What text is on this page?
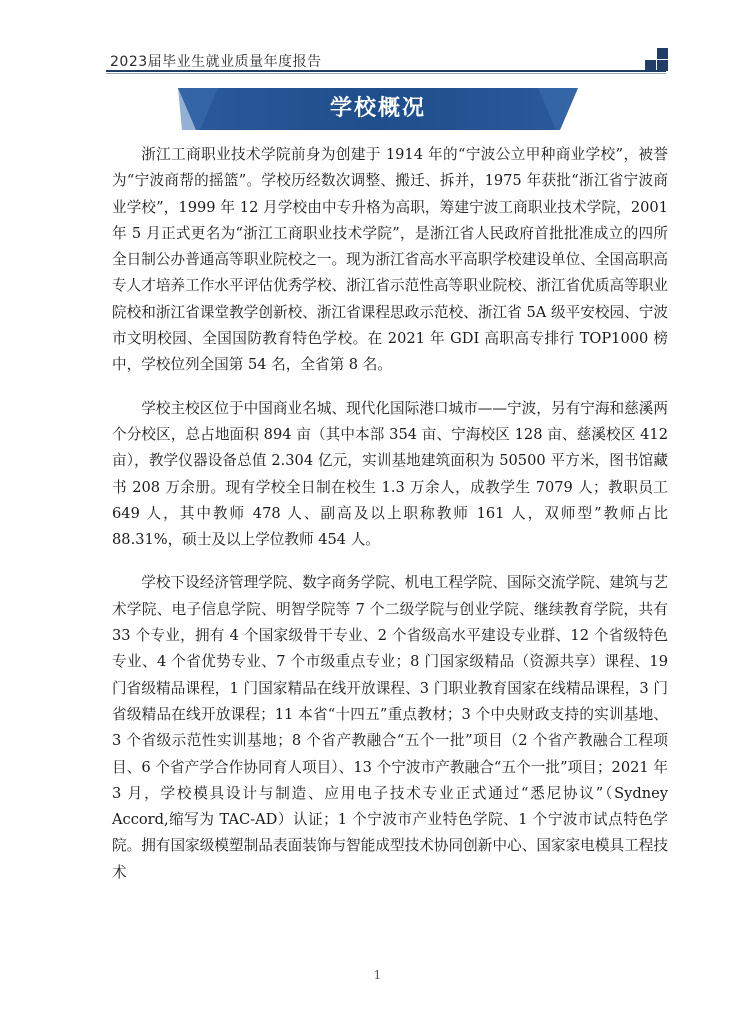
2023届毕业生就业质量年度报告
学校概况

浙江工商职业技术学院前身为创建于 1914 年的“宁波公立甲种商业学校”，被誉为“宁波商帮的摇篮”。学校历经数次调整、搬迁、拆并，1975 年获批“浙江省宁波商业学校”，1999 年 12 月学校由中专升格为高职，筹建宁波工商职业技术学院，2001 年 5 月正式更名为“浙江工商职业技术学院”，是浙江省人民政府首批批准成立的四所全日制公办普通高等职业院校之一。现为浙江省高水平高职学校建设单位、全国高职高专人才培养工作水平评估优秀学校、浙江省示范性高等职业院校、浙江省优质高等职业院校和浙江省课堂教学创新校、浙江省课程思政示范校、浙江省 5A 级平安校园、宁波市文明校园、全国国防教育特色学校。在 2021 年 GDI 高职高专排行 TOP1000 榜中，学校位列全国第 54 名，全省第 8 名。

学校主校区位于中国商业名城、现代化国际港口城市——宁波，另有宁海和慈溪两个分校区，总占地面积 894 亩（其中本部 354 亩、宁海校区 128 亩、慈溪校区 412 亩），教学仪器设备总值 2.304 亿元，实训基地建筑面积为 50500 平方米，图书馆藏书 208 万余册。现有学校全日制在校生 1.3 万余人，成教学生 7079 人；教职员工 649 人，其中教师 478 人、副高及以上职称教师 161 人，双师型”教师占比 88.31%，硕士及以上学位教师 454 人。

学校下设经济管理学院、数字商务学院、机电工程学院、国际交流学院、建筑与艺术学院、电子信息学院、明智学院等 7 个二级学院与创业学院、继续教育学院，共有 33 个专业，拥有 4 个国家级骨干专业、2 个省级高水平建设专业群、12 个省级特色专业、4 个省优势专业、7 个市级重点专业；8 门国家级精品（资源共享）课程、19 门省级精品课程，1 门国家精品在线开放课程、3 门职业教育国家在线精品课程，3 门省级精品在线开放课程；11 本省“十四五”重点教材；3 个中央财政支持的实训基地、3 个省级示范性实训基地；8 个省产教融合“五个一批”项目（2 个省产教融合工程项目、6 个省产学合作协同育人项目）、13 个宁波市产教融合“五个一批”项目；2021 年 3 月，学校模具设计与制造、应用电子技术专业正式通过“悉尼协议”（Sydney Accord,缩写为 TAC-AD）认证；1 个宁波市产业特色学院、1 个宁波市试点特色学院。拥有国家级模塑制品表面装饰与智能成型技术协同创新中心、国家家电模具工程技术

1
